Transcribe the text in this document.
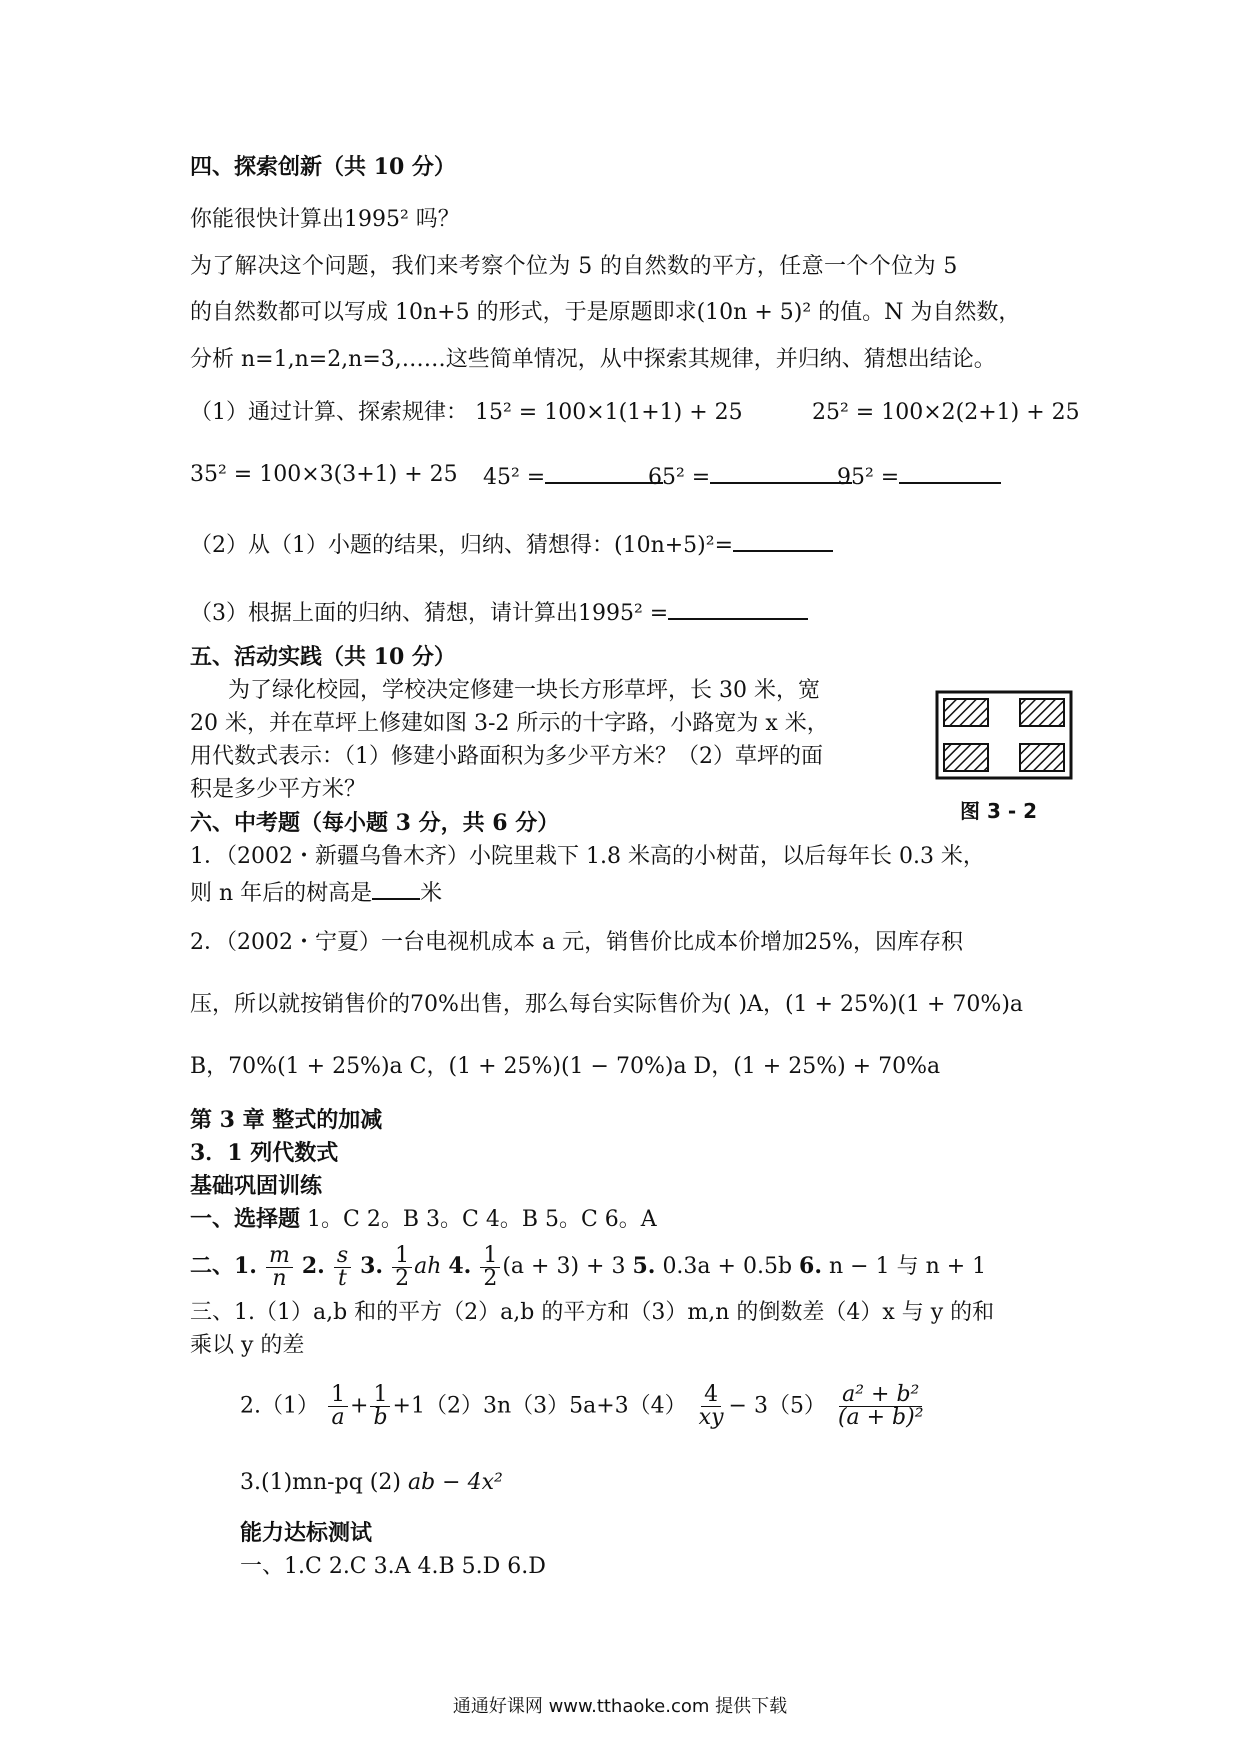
四、探索创新（共 10 分）
你能很快计算出1995² 吗？
为了解决这个问题，我们来考察个位为 5 的自然数的平方，任意一个个位为 5
的自然数都可以写成 10n+5 的形式，于是原题即求(10n + 5)² 的值。N 为自然数，
分析 n=1,n=2,n=3,……这些简单情况，从中探索其规律，并归纳、猜想出结论。
（1）通过计算、探索规律： 15² = 100×1(1+1) + 25	25² = 100×2(2+1) + 25
35² = 100×3(3+1) + 25 45² =	65² =	95² =
（2）从（1）小题的结果，归纳、猜想得：(10n+5)²=
（3）根据上面的归纳、猜想，请计算出1995² =
五、活动实践（共 10 分）
为了绿化校园，学校决定修建一块长方形草坪，长 30 米，宽
20 米，并在草坪上修建如图 3-2 所示的十字路，小路宽为 x 米，
用代数式表示：（1）修建小路面积为多少平方米？（2）草坪的面
积是多少平方米？
图 3 - 2
六、中考题（每小题 3 分，共 6 分）
1．（2002・新疆乌鲁木齐）小院里栽下 1.8 米高的小树苗，以后每年长 0.3 米，
则 n 年后的树高是 米
2．（2002・宁夏）一台电视机成本 a 元，销售价比成本价增加25%，因库存积
压，所以就按销售价的70%出售，那么每台实际售价为( )A，(1 + 25%)(1 + 70%)a
B，70%(1 + 25%)a C，(1 + 25%)(1 − 70%)a D，(1 + 25%) + 70%a
第 3 章 整式的加减
3．1 列代数式
基础巩固训练
一、选择题 1。C 2。B 3。C 4。B 5。C 6。A
二、1. $\frac{m}{n} 2$. $\frac{s}{t} 3$. $\frac{1}{2}$ ah 4. $\frac{1}{2} (a + 3) + 3$ 5. 0.3a + 0.5b 6. n − 1 与 n + 1
三、1.（1）a,b 和的平方（2）a,b 的平方和（3）m,n 的倒数差（4）x 与 y 的和
乘以 y 的差
$2.(1) \frac{1}{a} + \frac{1}{b} +1(2)3n(3)5a+3(4) \frac{4}{xy} - 3(5) \frac{\text{a² + b²}}{\text{(a + b)²}}$
3.(1)mn-pq (2) ab − 4x²
能力达标测试
一、1.C 2.C 3.A 4.B 5.D 6.D
通通好课网 www.tthaoke.com 提供下载
